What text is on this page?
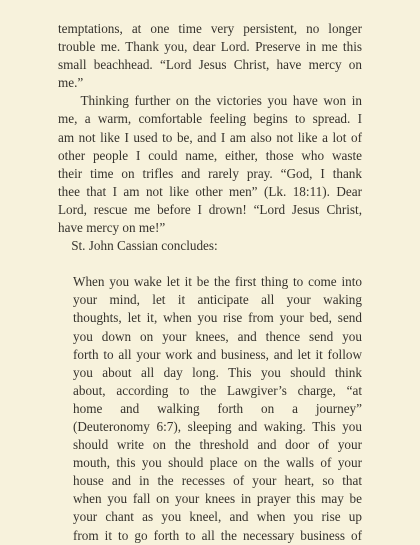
temptations, at one time very persistent, no longer
trouble me. Thank you, dear Lord. Preserve in me this
small beachhead. “Lord Jesus Christ, have mercy on
me.”
Thinking further on the victories you have won in
me, a warm, comfortable feeling begins to spread. I
am not like I used to be, and I am also not like a lot of
other people I could name, either, those who waste
their time on trifles and rarely pray. “God, I thank
thee that I am not like other men” (Lk. 18:11). Dear
Lord, rescue me before I drown! “Lord Jesus Christ,
have mercy on me!”
St. John Cassian concludes:
When you wake let it be the first thing to come into
your mind, let it anticipate all your waking
thoughts, let it, when you rise from your bed, send
you down on your knees, and thence send you
forth to all your work and business, and let it follow
you about all day long. This you should think
about, according to the Lawgiver’s charge, “at
home and walking forth on a journey”
(Deuteronomy 6:7), sleeping and waking. This you
should write on the threshold and door of your
mouth, this you should place on the walls of your
house and in the recesses of your heart, so that
when you fall on your knees in prayer this may be
your chant as you kneel, and when you rise up
from it to go forth to all the necessary business of
